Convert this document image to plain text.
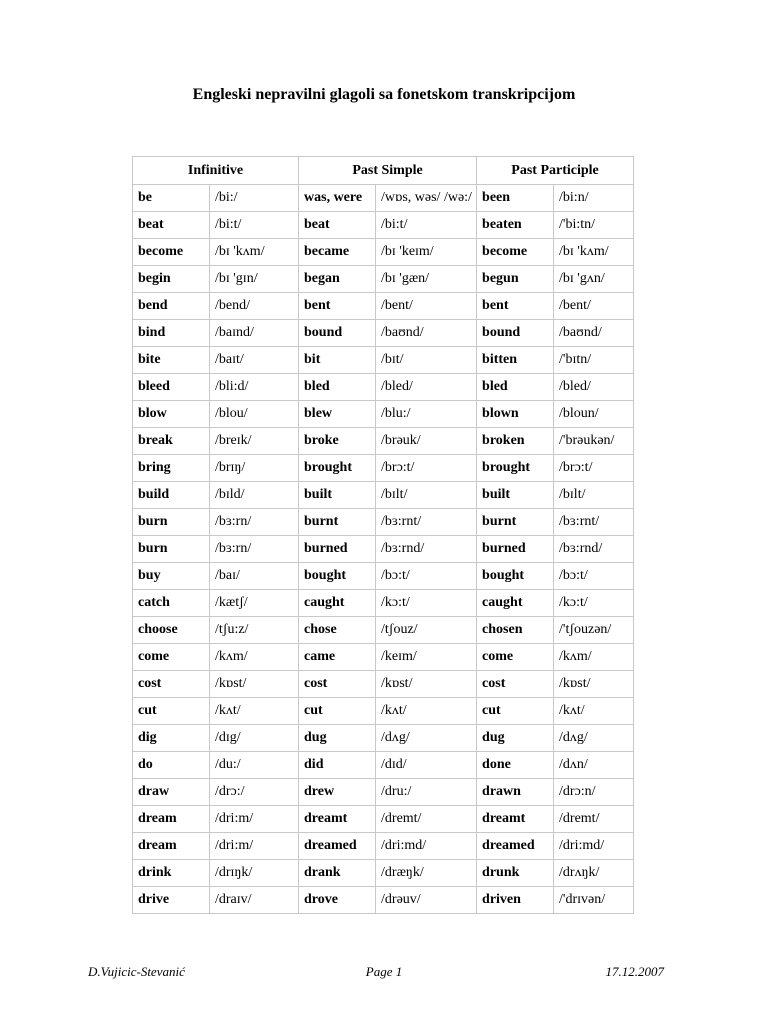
Engleski nepravilni glagoli sa fonetskom transkripcijom
Infinitive		Past Simple		Past Participle	
be	/bi:/	was, were	/wɒs, wəs/ /wə:/	been	/bi:n/
beat	/bi:t/	beat	/bi:t/	beaten	/'bi:tn/
become	/bɪ 'kʌm/	became	/bɪ 'keɪm/	become	/bɪ 'kʌm/
begin	/bɪ 'gɪn/	began	/bɪ 'gæn/	begun	/bɪ 'gʌn/
bend	/bend/	bent	/bent/	bent	/bent/
bind	/baɪnd/	bound	/baʊnd/	bound	/baʊnd/
bite	/baɪt/	bit	/bɪt/	bitten	/'bɪtn/
bleed	/bli:d/	bled	/bled/	bled	/bled/
blow	/blou/	blew	/blu:/	blown	/bloun/
break	/breɪk/	broke	/brəuk/	broken	/'brəukən/
bring	/brɪŋ/	brought	/brɔ:t/	brought	/brɔ:t/
build	/bɪld/	built	/bɪlt/	built	/bɪlt/
burn	/bɜ:rn/	burnt	/bɜ:rnt/	burnt	/bɜ:rnt/
burn	/bɜ:rn/	burned	/bɜ:rnd/	burned	/bɜ:rnd/
buy	/baɪ/	bought	/bɔ:t/	bought	/bɔ:t/
catch	/kætʃ/	caught	/kɔ:t/	caught	/kɔ:t/
choose	/tʃu:z/	chose	/tʃouz/	chosen	/'tʃouzən/
come	/kʌm/	came	/keɪm/	come	/kʌm/
cost	/kɒst/	cost	/kɒst/	cost	/kɒst/
cut	/kʌt/	cut	/kʌt/	cut	/kʌt/
dig	/dɪg/	dug	/dʌg/	dug	/dʌg/
do	/du:/	did	/dɪd/	done	/dʌn/
draw	/drɔ:/	drew	/dru:/	drawn	/drɔ:n/
dream	/dri:m/	dreamt	/dremt/	dreamt	/dremt/
dream	/dri:m/	dreamed	/dri:md/	dreamed	/dri:md/
drink	/drɪŋk/	drank	/dræŋk/	drunk	/drʌŋk/
drive	/draɪv/	drove	/drəuv/	driven	/'drɪvən/
D.Vujicic-Stevanić	Page 1	17.12.2007
